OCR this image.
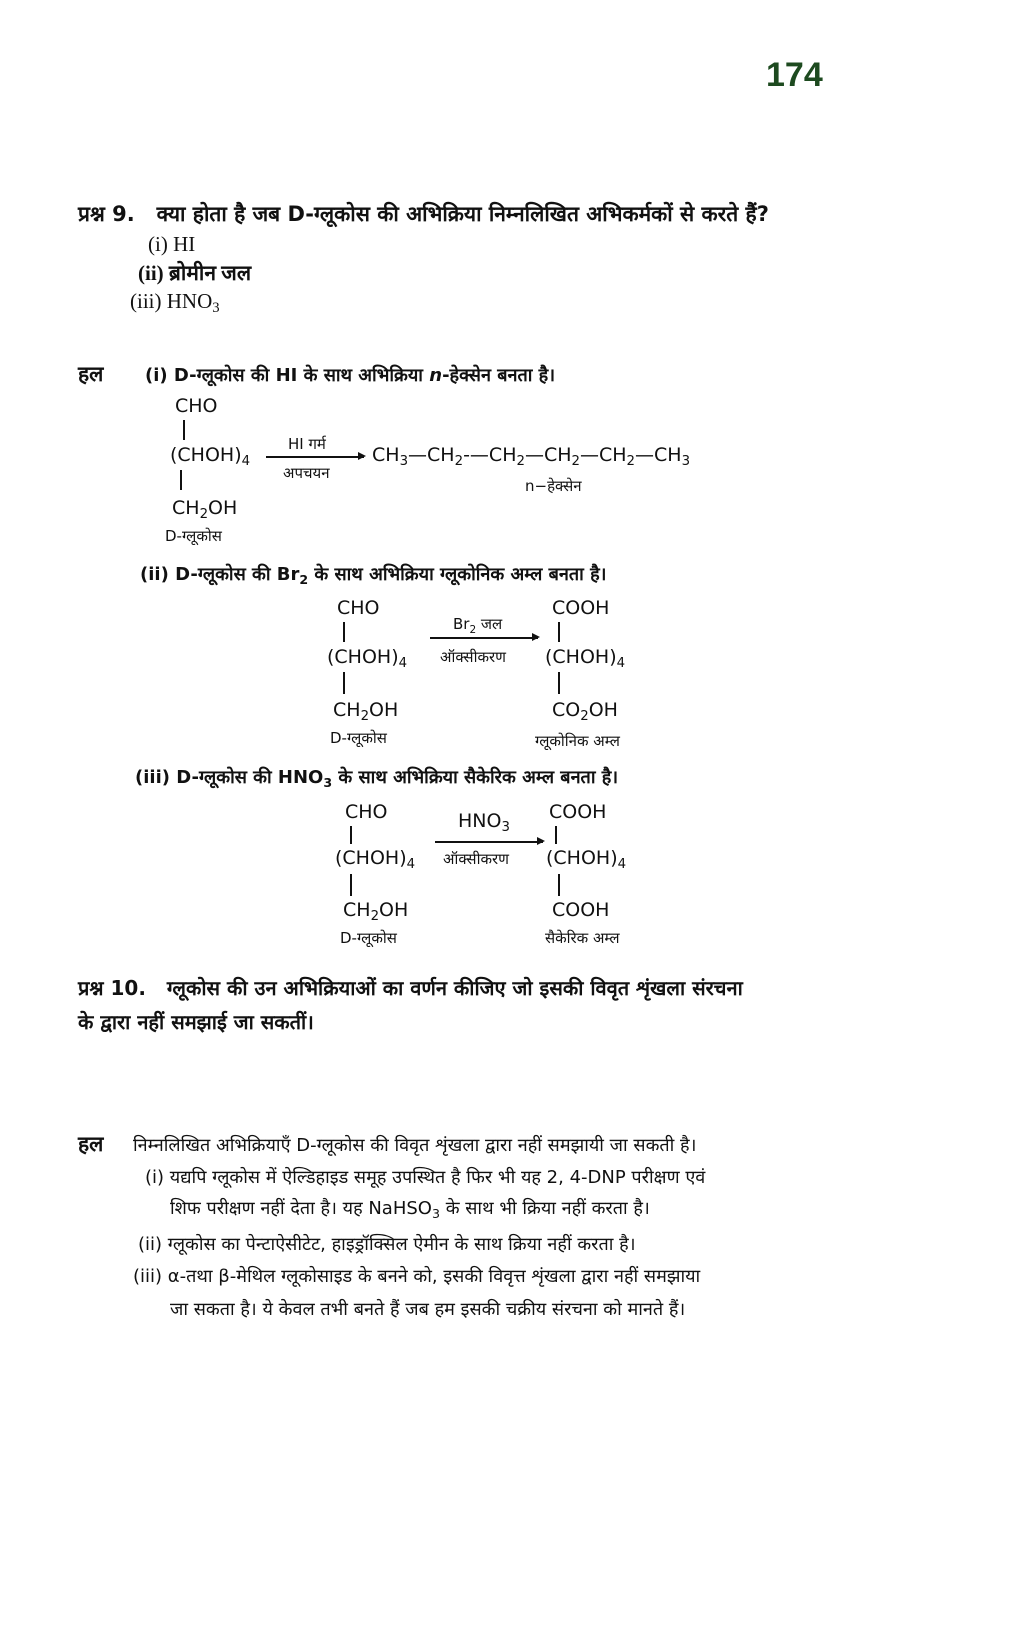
174
प्रश्न 9. क्या होता है जब D-ग्लूकोस की अभिक्रिया निम्नलिखित अभिकर्मकों से करते हैं?
(i) HI
(ii) ब्रोमीन जल
(iii) $HNO_3$
हल (i) D-ग्लूकोस की HI के साथ अभिक्रिया n-हेक्सेन बनता है।
CHO
$(CHOH)_4$
HI गर्म
अपचयन
$CH_3—CH_2-—CH_2—CH_2—CH_2—CH_3$
n−हेक्सेन
$CH_2OH$
D-ग्लूकोस
(ii) D-ग्लूकोस की $Br_2$ के साथ अभिक्रिया ग्लूकोनिक अम्ल बनता है।
CHO
$(CHOH)_4$
$CH_2OH$
D-ग्लूकोस
$Br_2$ जल
ऑक्सीकरण
COOH
$(CHOH)_4$
$CO_2OH$
ग्लूकोनिक अम्ल
(iii) D-ग्लूकोस की $HNO_3$ के साथ अभिक्रिया सैकेरिक अम्ल बनता है।
CHO
$(CHOH)_4$
$CH_2OH$
D-ग्लूकोस
$HNO_3$
ऑक्सीकरण
COOH
$(CHOH)_4$
COOH
सैकेरिक अम्ल
प्रश्न 10. ग्लूकोस की उन अभिक्रियाओं का वर्णन कीजिए जो इसकी विवृत शृंखला संरचना
के द्वारा नहीं समझाई जा सकतीं।
हल निम्नलिखित अभिक्रियाएँ D-ग्लूकोस की विवृत शृंखला द्वारा नहीं समझायी जा सकती है।
(i) यद्यपि ग्लूकोस में ऐल्डिहाइड समूह उपस्थित है फिर भी यह 2, 4-DNP परीक्षण एवं
शिफ परीक्षण नहीं देता है। यह NaHSO$_3$ के साथ भी क्रिया नहीं करता है।
(ii) ग्लूकोस का पेन्टाऐसीटेट, हाइड्रॉक्सिल ऐमीन के साथ क्रिया नहीं करता है।
(iii) α-तथा β-मेथिल ग्लूकोसाइड के बनने को, इसकी विवृत्त शृंखला द्वारा नहीं समझाया
जा सकता है। ये केवल तभी बनते हैं जब हम इसकी चक्रीय संरचना को मानते हैं।
